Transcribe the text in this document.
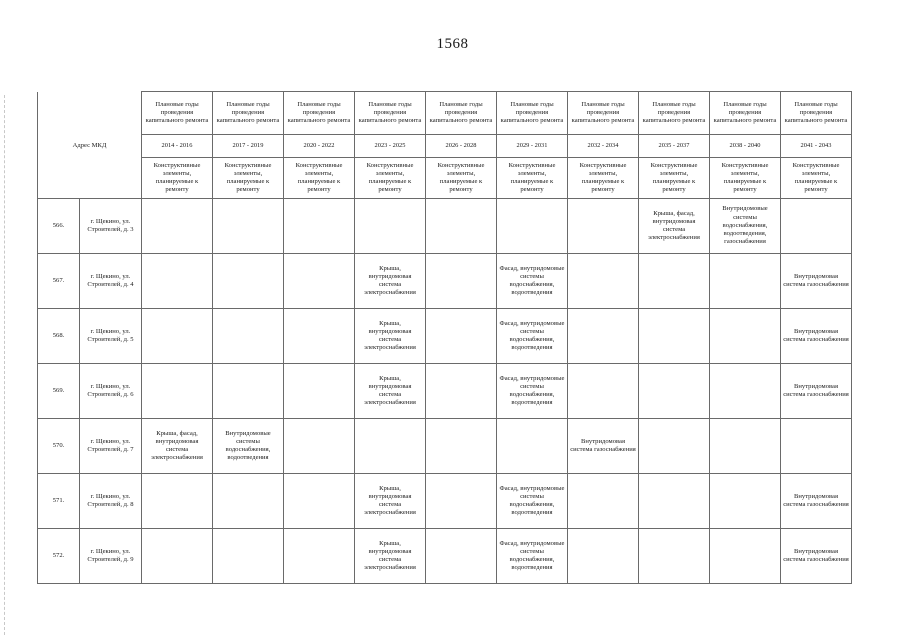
1568
		Плановые годы проведения капитального ремонта	Плановые годы проведения капитального ремонта	Плановые годы проведения капитального ремонта	Плановые годы проведения капитального ремонта	Плановые годы проведения капитального ремонта	Плановые годы проведения капитального ремонта	Плановые годы проведения капитального ремонта	Плановые годы проведения капитального ремонта	Плановые годы проведения капитального ремонта	Плановые годы проведения капитального ремонта
Адрес МКД		2014 - 2016	2017 - 2019	2020 - 2022	2023 - 2025	2026 - 2028	2029 - 2031	2032 - 2034	2035 - 2037	2038 - 2040	2041 - 2043
		Конструктивные элементы, планируемые к ремонту	Конструктивные элементы, планируемые к ремонту	Конструктивные элементы, планируемые к ремонту	Конструктивные элементы, планируемые к ремонту	Конструктивные элементы, планируемые к ремонту	Конструктивные элементы, планируемые к ремонту	Конструктивные элементы, планируемые к ремонту	Конструктивные элементы, планируемые к ремонту	Конструктивные элементы, планируемые к ремонту	Конструктивные элементы, планируемые к ремонту
566.	г. Щекино, ул. Строителей, д. 3								Крыша, фасад, внутридомовая система электроснабжения	Внутридомовые системы водоснабжения, водоотведения, газоснабжения	
567.	г. Щекино, ул. Строителей, д. 4				Крыша, внутридомовая система электроснабжения		Фасад, внутридомовые системы водоснабжения, водоотведения				Внутридомовая система газоснабжения
568.	г. Щекино, ул. Строителей, д. 5				Крыша, внутридомовая система электроснабжения		Фасад, внутридомовые системы водоснабжения, водоотведения				Внутридомовая система газоснабжения
569.	г. Щекино, ул. Строителей, д. 6				Крыша, внутридомовая система электроснабжения		Фасад, внутридомовые системы водоснабжения, водоотведения				Внутридомовая система газоснабжения
570.	г. Щекино, ул. Строителей, д. 7	Крыша, фасад, внутридомовая система электроснабжения	Внутридомовые системы водоснабжения, водоотведения					Внутридомовая система газоснабжения			
571.	г. Щекино, ул. Строителей, д. 8				Крыша, внутридомовая система электроснабжения		Фасад, внутридомовые системы водоснабжения, водоотведения				Внутридомовая система газоснабжения
572.	г. Щекино, ул. Строителей, д. 9				Крыша, внутридомовая система электроснабжения		Фасад, внутридомовые системы водоснабжения, водоотведения				Внутридомовая система газоснабжения
